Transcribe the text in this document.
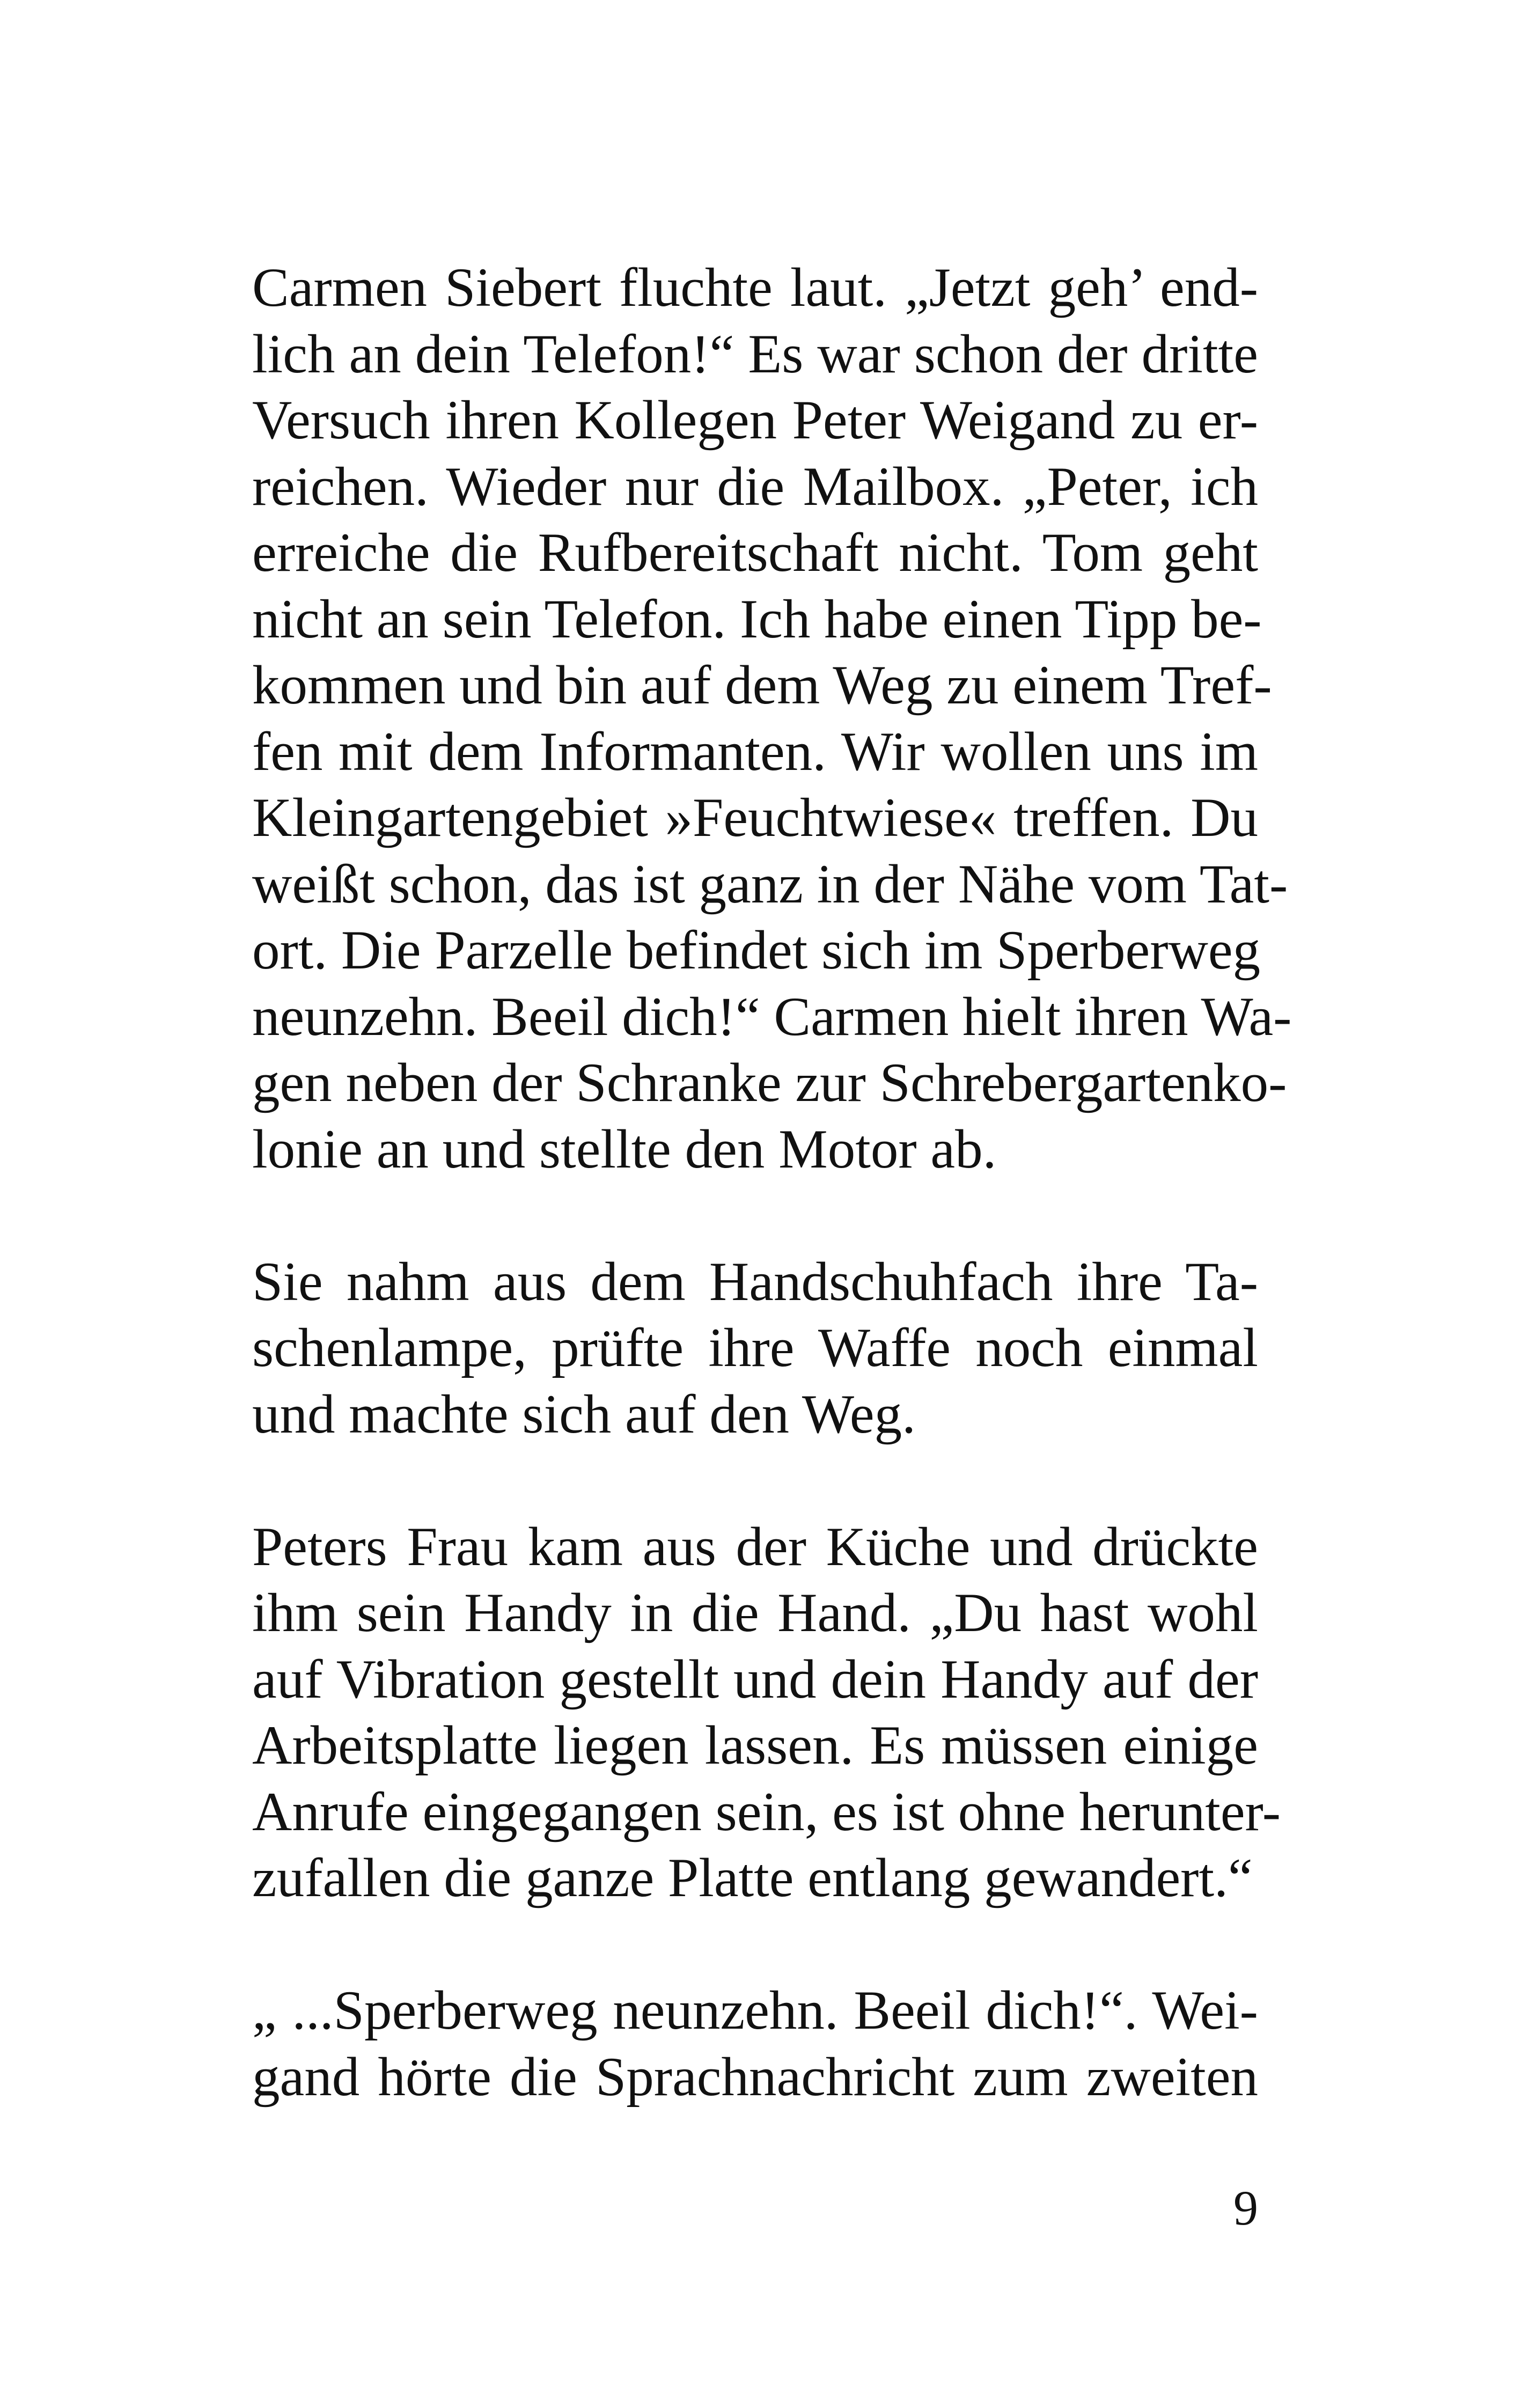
Carmen Siebert fluchte laut. „Jetzt geh’ end-
lich an dein Telefon!“ Es war schon der dritte
Versuch ihren Kollegen Peter Weigand zu er-
reichen. Wieder nur die Mailbox. „Peter, ich
erreiche die Rufbereitschaft nicht. Tom geht
nicht an sein Telefon. Ich habe einen Tipp be-
kommen und bin auf dem Weg zu einem Tref-
fen mit dem Informanten. Wir wollen uns im
Kleingartengebiet »Feuchtwiese« treffen. Du
weißt schon, das ist ganz in der Nähe vom Tat-
ort. Die Parzelle befindet sich im Sperberweg
neunzehn. Beeil dich!“ Carmen hielt ihren Wa-
gen neben der Schranke zur Schrebergartenko-
lonie an und stellte den Motor ab.

Sie nahm aus dem Handschuhfach ihre Ta-
schenlampe, prüfte ihre Waffe noch einmal
und machte sich auf den Weg.

Peters Frau kam aus der Küche und drückte
ihm sein Handy in die Hand. „Du hast wohl
auf Vibration gestellt und dein Handy auf der
Arbeitsplatte liegen lassen. Es müssen einige
Anrufe eingegangen sein, es ist ohne herunter-
zufallen die ganze Platte entlang gewandert.“

„ ...Sperberweg neunzehn. Beeil dich!“. Wei-
gand hörte die Sprachnachricht zum zweiten

9
